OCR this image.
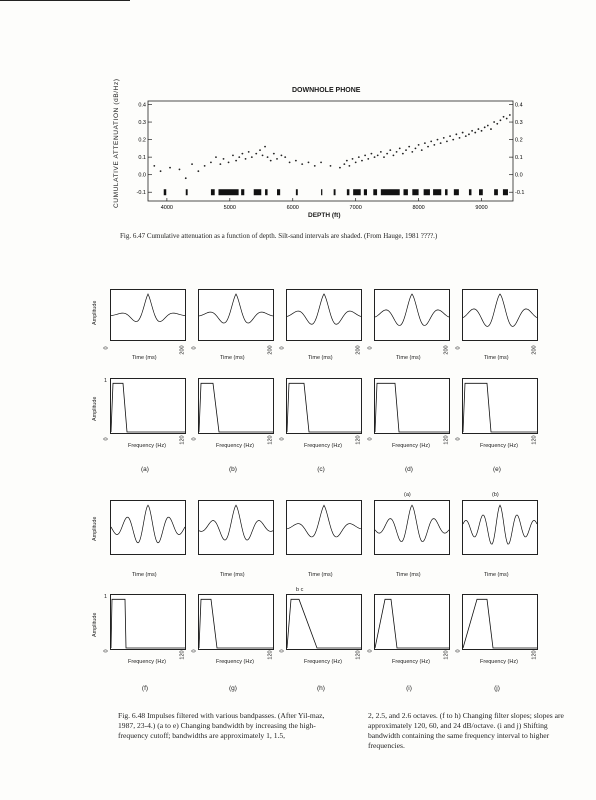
DOWNHOLE PHONE
CUMULATIVE ATTENUATION (dB/Hz)	0.4	0.4
0.3	0.3
0.2	0.2
0.1	0.1
0.0	0.0
-0.1	-0.1
4000	5000	6000	7000	8000	9000
DEPTH (ft)
Fig. 6.47 Cumulative attenuation as a function of depth. Silt-sand intervals are shaded. (From Hauge, 1981 ????.)
Time (ms)
Frequency (Hz)
0	200
0	120
(a)
Time (ms)
Frequency (Hz)
0	200
0	120
(b)
Time (ms)
Frequency (Hz)
0	200
0	120
(c)
Time (ms)
Frequency (Hz)
0	200
0	120
(d)
Time (ms)
Frequency (Hz)
0	200
0	120
(e)
Amplitude
Amplitude
1
Time (ms)
Frequency (Hz)
0	120
(f)
Time (ms)
Frequency (Hz)
0	120
(g)
Time (ms)
Frequency (Hz)
0	120
(h)
Time (ms)
Frequency (Hz)
0	120
(i)
Time (ms)
Frequency (Hz)
0	120
(j)
Amplitude
Amplitude
1
(a)	(b)
b c
Fig. 6.48 Impulses filtered with various bandpasses. (After Yil-maz, 1987, 23-4.) (a to e) Changing bandwidth by increasing the high-frequency cutoff; bandwidths are approximately 1, 1.5,
2, 2.5, and 2.6 octaves. (f to h) Changing filter slopes; slopes are approximately 120, 60, and 24 dB/octave. (i and j) Shifting bandwidth containing the same frequency interval to higher frequencies.
